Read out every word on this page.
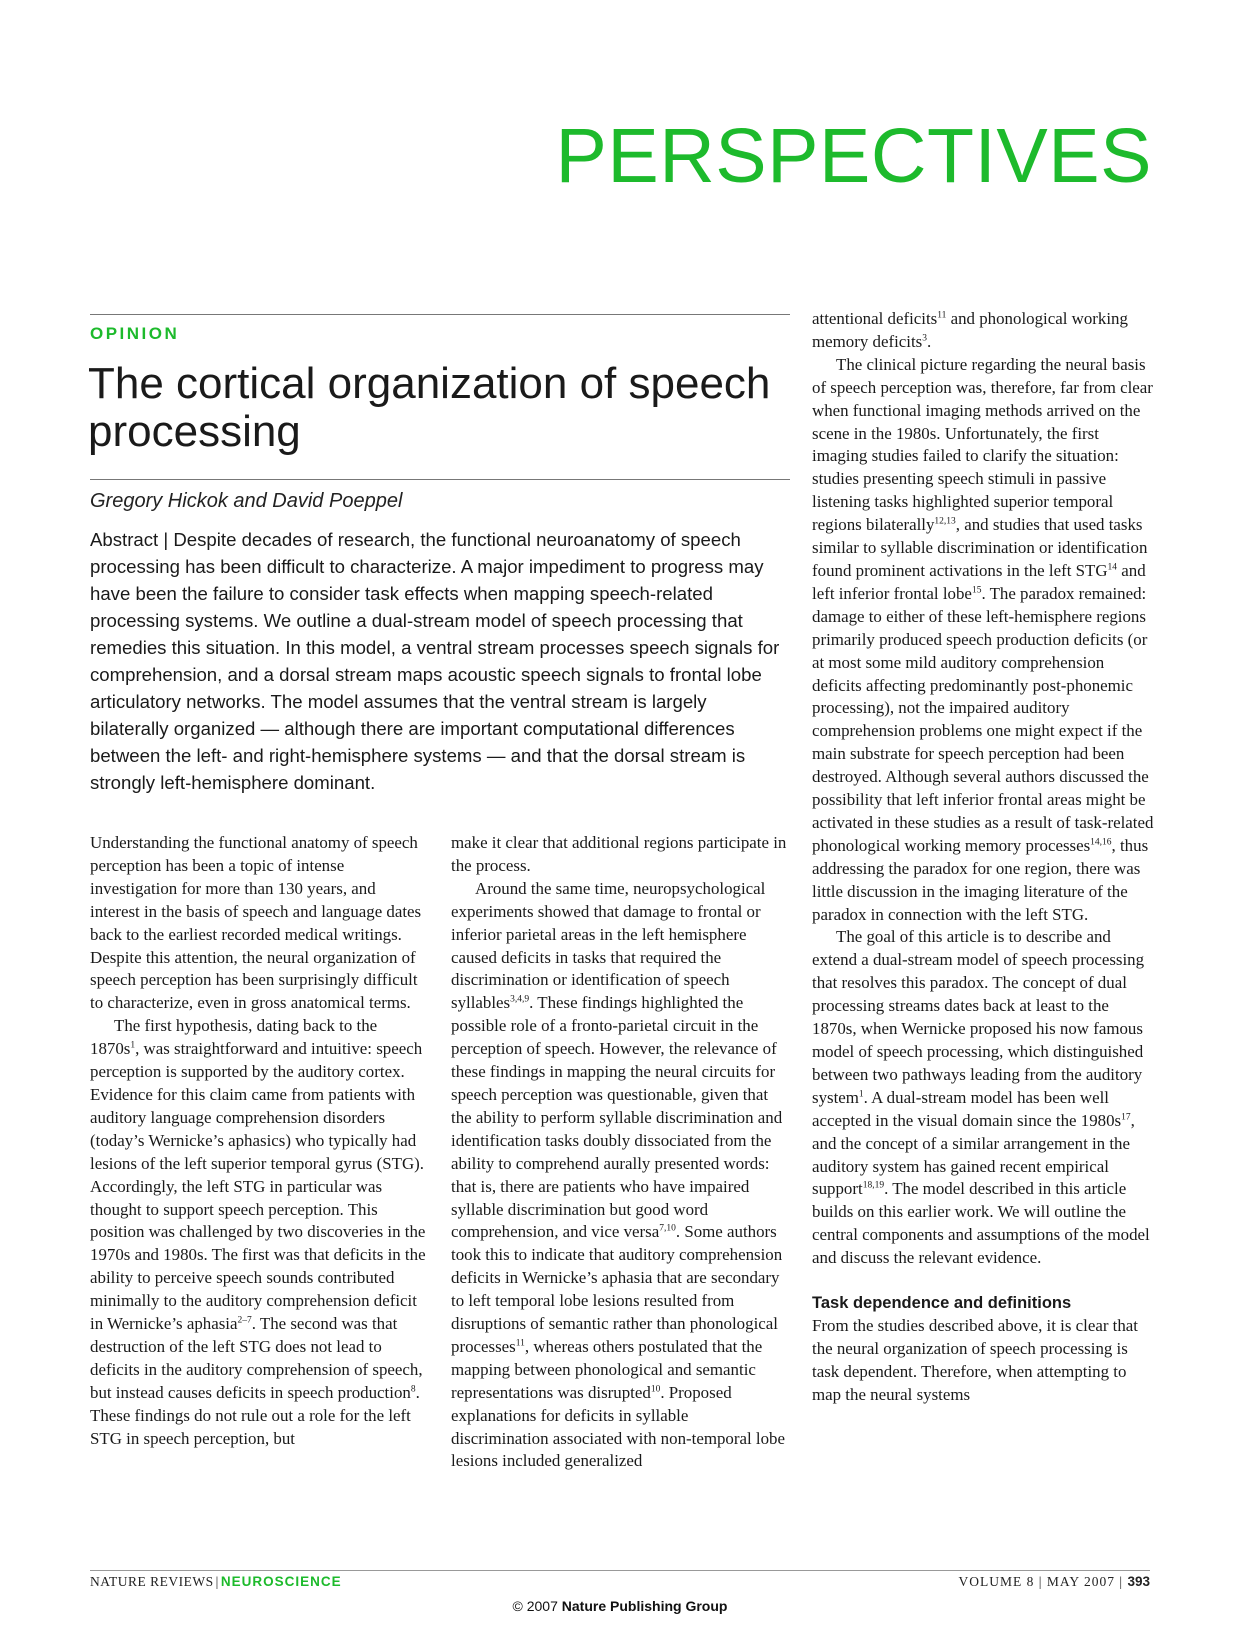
PERSPECTIVES
OPINION
The cortical organization of speech processing
Gregory Hickok and David Poeppel

Abstract | Despite decades of research, the functional neuroanatomy of speech processing has been difficult to characterize. A major impediment to progress may have been the failure to consider task effects when mapping speech-related processing systems. We outline a dual-stream model of speech processing that remedies this situation. In this model, a ventral stream processes speech signals for comprehension, and a dorsal stream maps acoustic speech signals to frontal lobe articulatory networks. The model assumes that the ventral stream is largely bilaterally organized — although there are important computational differences between the left- and right-hemisphere systems — and that the dorsal stream is strongly left-hemisphere dominant.

Understanding the functional anatomy of speech perception has been a topic of intense investigation for more than 130 years, and interest in the basis of speech and language dates back to the earliest recorded medical writings. Despite this attention, the neural organization of speech perception has been surprisingly difficult to characterize, even in gross anatomical terms.

The first hypothesis, dating back to the $1870s^1$, was straightforward and intuitive: speech perception is supported by the auditory cortex. Evidence for this claim came from patients with auditory language comprehension disorders (today’s Wernicke’s aphasics) who typically had lesions of the left superior temporal gyrus (STG). Accordingly, the left STG in particular was thought to support speech perception. This position was challenged by two discoveries in the 1970s and 1980s. The first was that deficits in the ability to perceive speech sounds contributed minimally to the auditory comprehension deficit in Wernicke’s aphasia$^{2-7}$. The second was that destruction of the left STG does not lead to deficits in the auditory comprehension of speech, but instead causes deficits in speech production$^8$. These findings do not rule out a role for the left STG in speech perception, but

make it clear that additional regions participate in the process.

Around the same time, neuropsychological experiments showed that damage to frontal or inferior parietal areas in the left hemisphere caused deficits in tasks that required the discrimination or identification of speech syllables$^{3,4,9}$. These findings highlighted the possible role of a fronto-parietal circuit in the perception of speech. However, the relevance of these findings in mapping the neural circuits for speech perception was questionable, given that the ability to perform syllable discrimination and identification tasks doubly dissociated from the ability to comprehend aurally presented words: that is, there are patients who have impaired syllable discrimination but good word comprehension, and vice versa$^{7,10}$. Some authors took this to indicate that auditory comprehension deficits in Wernicke’s aphasia that are secondary to left temporal lobe lesions resulted from disruptions of semantic rather than phonological processes$^{11}$, whereas others postulated that the mapping between phonological and semantic representations was disrupted$^{10}$. Proposed explanations for deficits in syllable discrimination associated with non-temporal lobe lesions included generalized

attentional deficits$^{11}$ and phonological working memory deficits$^3$.

The clinical picture regarding the neural basis of speech perception was, therefore, far from clear when functional imaging methods arrived on the scene in the 1980s. Unfortunately, the first imaging studies failed to clarify the situation: studies presenting speech stimuli in passive listening tasks highlighted superior temporal regions bilaterally$^{12,13}$, and studies that used tasks similar to syllable discrimination or identification found prominent activations in the left STG$^{14}$ and left inferior frontal lobe$^{15}$. The paradox remained: damage to either of these left-hemisphere regions primarily produced speech production deficits (or at most some mild auditory comprehension deficits affecting predominantly post-phonemic processing), not the impaired auditory comprehension problems one might expect if the main substrate for speech perception had been destroyed. Although several authors discussed the possibility that left inferior frontal areas might be activated in these studies as a result of task-related phonological working memory processes$^{14,16}$, thus addressing the paradox for one region, there was little discussion in the imaging literature of the paradox in connection with the left STG.

The goal of this article is to describe and extend a dual-stream model of speech processing that resolves this paradox. The concept of dual processing streams dates back at least to the 1870s, when Wernicke proposed his now famous model of speech processing, which distinguished between two pathways leading from the auditory system$^1$. A dual-stream model has been well accepted in the visual domain since the $1980s^{17}$, and the concept of a similar arrangement in the auditory system has gained recent empirical support$^{18,19}$. The model described in this article builds on this earlier work. We will outline the central components and assumptions of the model and discuss the relevant evidence.

Task dependence and definitions

From the studies described above, it is clear that the neural organization of speech processing is task dependent. Therefore, when attempting to map the neural systems

NATURE REVIEWS | NEUROSCIENCE	VOLUME 8 | MAY 2007 | 393
© 2007 Nature Publishing Group
